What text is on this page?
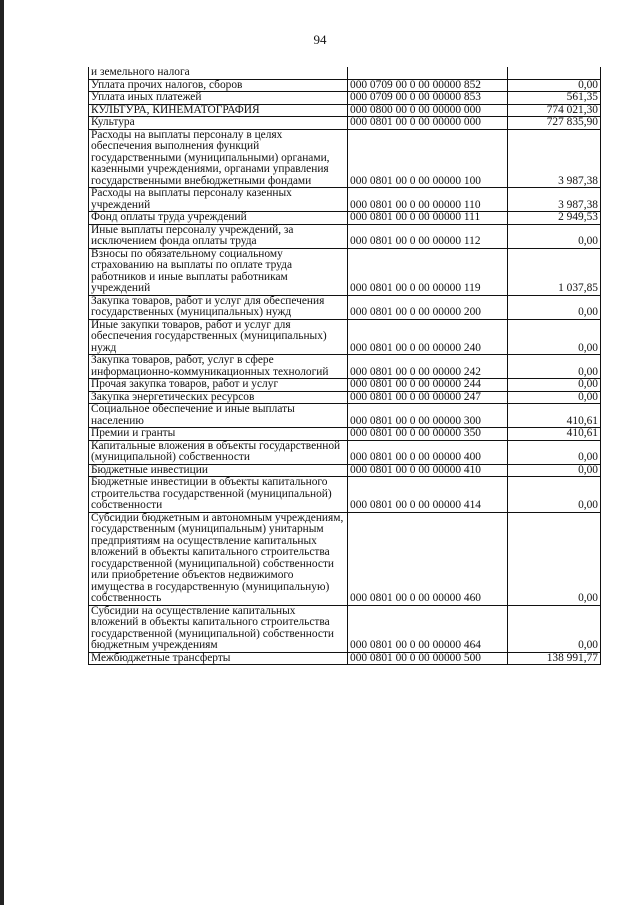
94
и земельного налога		
Уплата прочих налогов, сборов	000 0709 00 0 00 00000 852	0,00
Уплата иных платежей	000 0709 00 0 00 00000 853	561,35
КУЛЬТУРА, КИНЕМАТОГРАФИЯ	000 0800 00 0 00 00000 000	774 021,30
Культура	000 0801 00 0 00 00000 000	727 835,90
Расходы на выплаты персоналу в целях обеспечения выполнения функций государственными (муниципальными) органами, казенными учреждениями, органами управления государственными внебюджетными фондами	000 0801 00 0 00 00000 100	3 987,38
Расходы на выплаты персоналу казенных учреждений	000 0801 00 0 00 00000 110	3 987,38
Фонд оплаты труда учреждений	000 0801 00 0 00 00000 111	2 949,53
Иные выплаты персоналу учреждений, за исключением фонда оплаты труда	000 0801 00 0 00 00000 112	0,00
Взносы по обязательному социальному страхованию на выплаты по оплате труда работников и иные выплаты работникам учреждений	000 0801 00 0 00 00000 119	1 037,85
Закупка товаров, работ и услуг для обеспечения государственных (муниципальных) нужд	000 0801 00 0 00 00000 200	0,00
Иные закупки товаров, работ и услуг для обеспечения государственных (муниципальных) нужд	000 0801 00 0 00 00000 240	0,00
Закупка товаров, работ, услуг в сфере информационно-коммуникационных технологий	000 0801 00 0 00 00000 242	0,00
Прочая закупка товаров, работ и услуг	000 0801 00 0 00 00000 244	0,00
Закупка энергетических ресурсов	000 0801 00 0 00 00000 247	0,00
Социальное обеспечение и иные выплаты населению	000 0801 00 0 00 00000 300	410,61
Премии и гранты	000 0801 00 0 00 00000 350	410,61
Капитальные вложения в объекты государственной (муниципальной) собственности	000 0801 00 0 00 00000 400	0,00
Бюджетные инвестиции	000 0801 00 0 00 00000 410	0,00
Бюджетные инвестиции в объекты капитального строительства государственной (муниципальной) собственности	000 0801 00 0 00 00000 414	0,00
Субсидии бюджетным и автономным учреждениям, государственным (муниципальным) унитарным предприятиям на осуществление капитальных вложений в объекты капитального строительства государственной (муниципальной) собственности или приобретение объектов недвижимого имущества в государственную (муниципальную) собственность	000 0801 00 0 00 00000 460	0,00
Субсидии на осуществление капитальных вложений в объекты капитального строительства государственной (муниципальной) собственности бюджетным учреждениям	000 0801 00 0 00 00000 464	0,00
Межбюджетные трансферты	000 0801 00 0 00 00000 500	138 991,77
